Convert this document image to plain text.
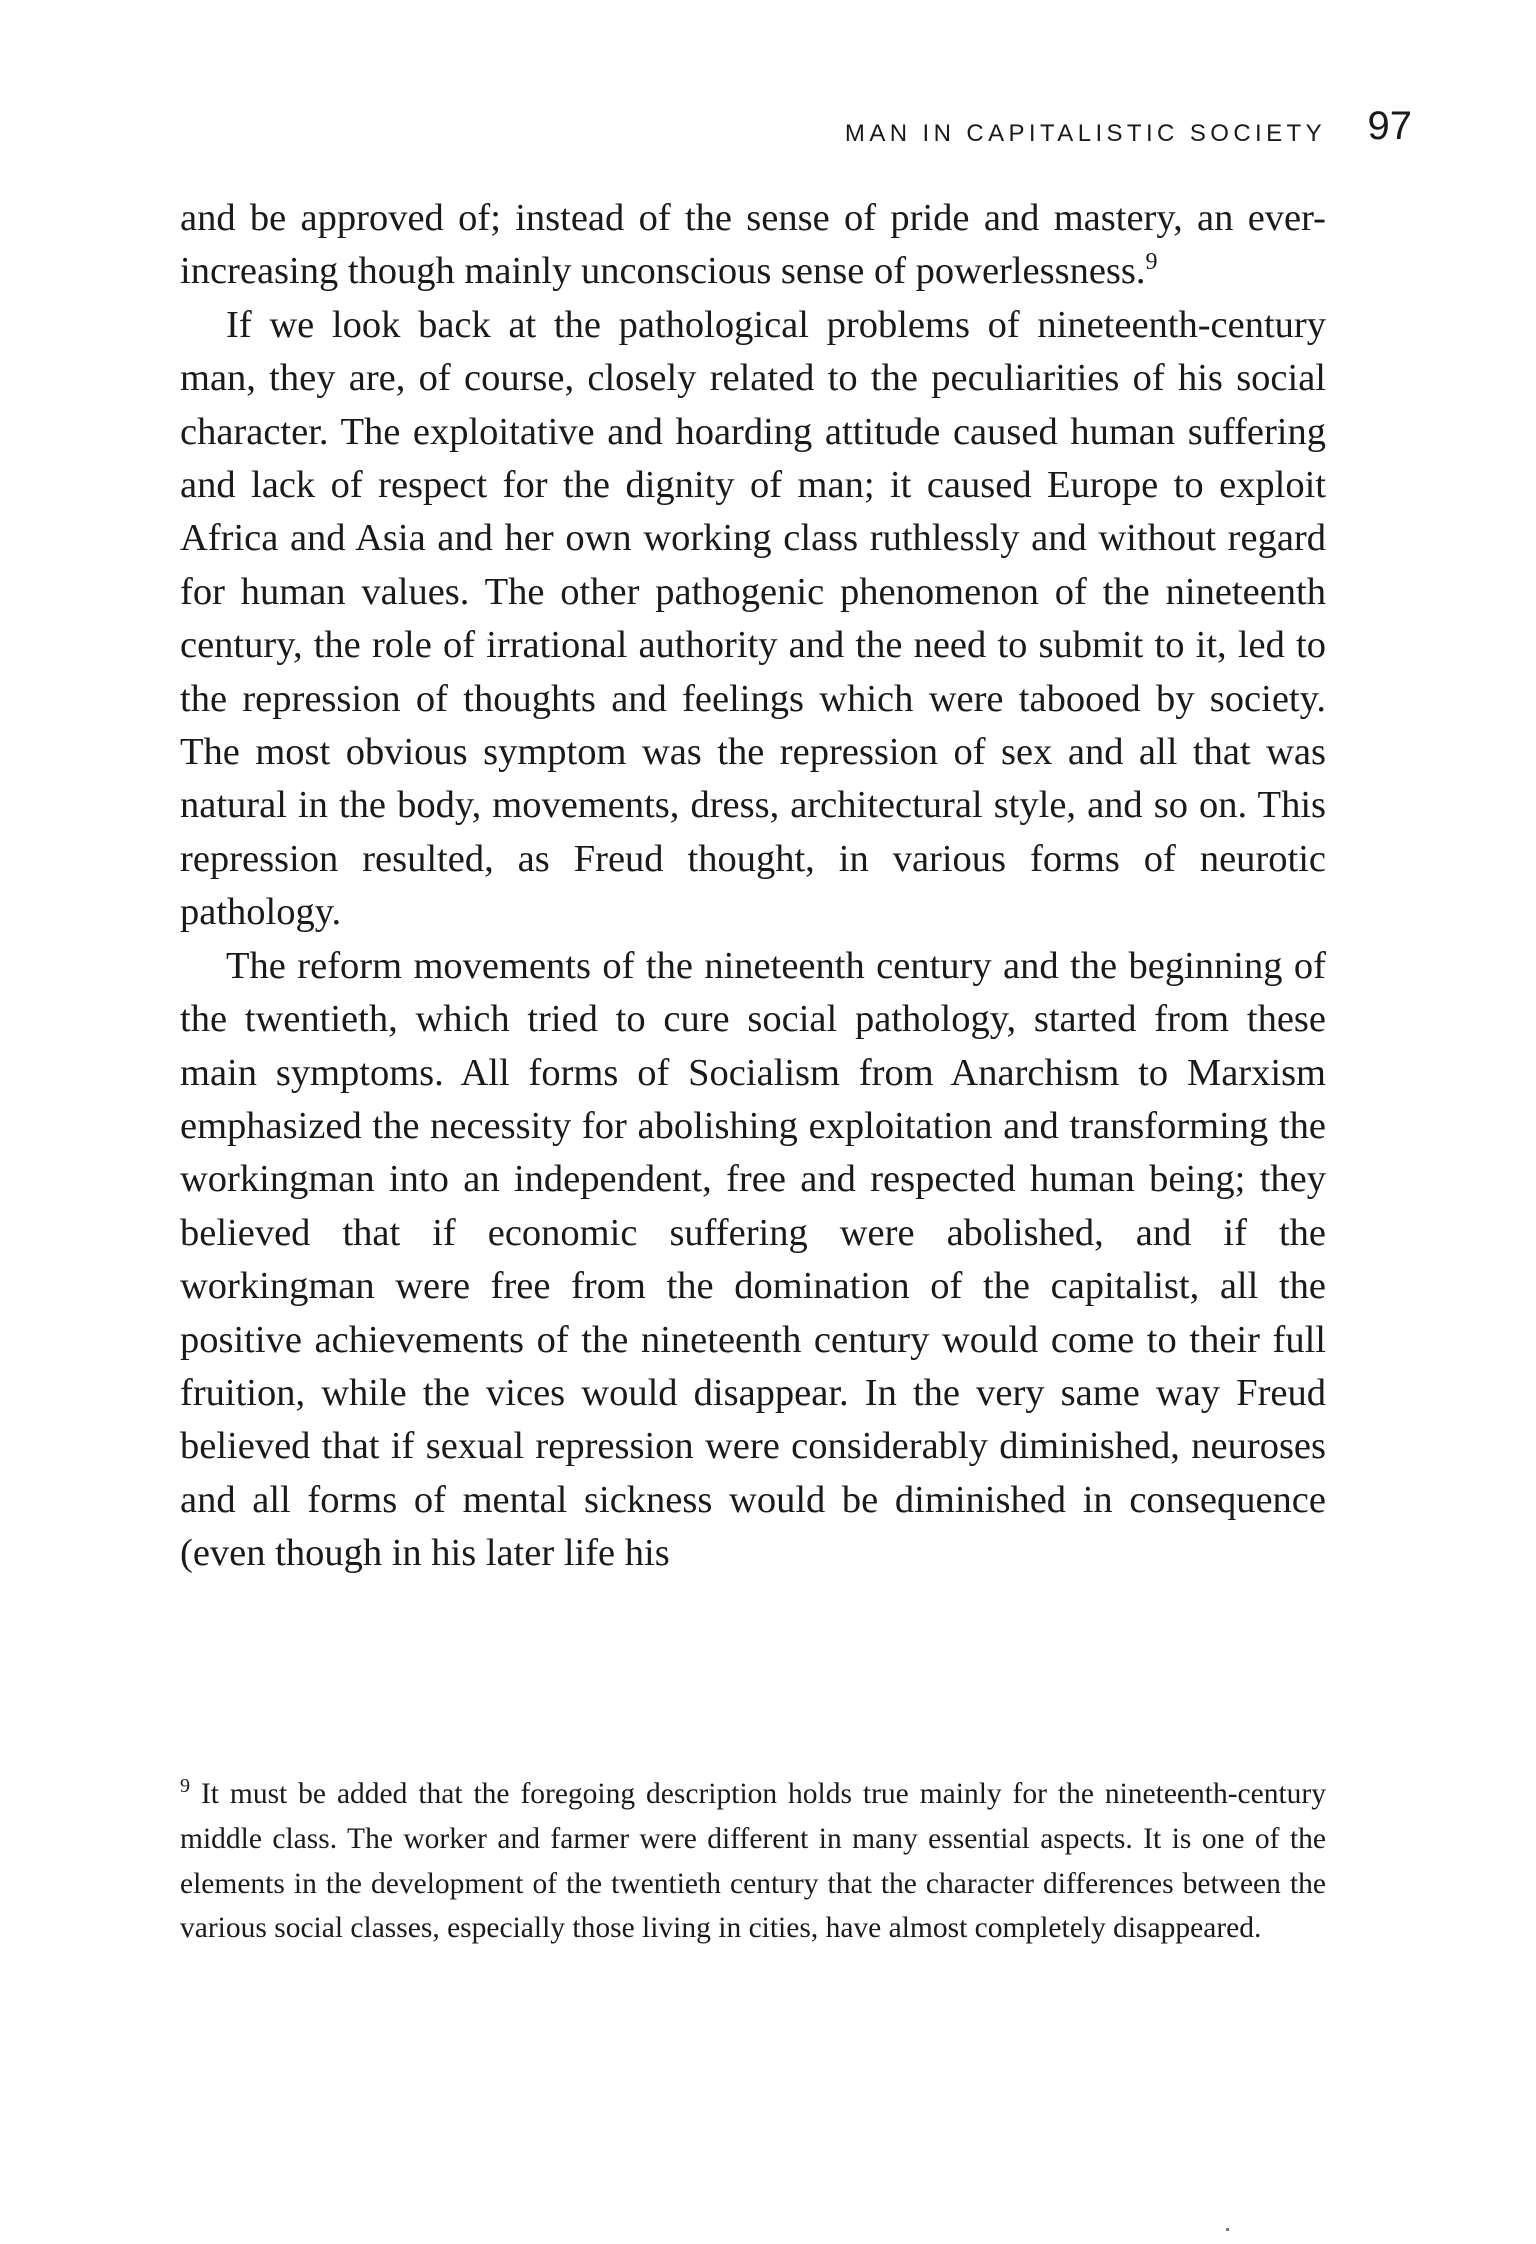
MAN IN CAPITALISTIC SOCIETY 97

and be approved of; instead of the sense of pride and mastery, an ever-increasing though mainly unconscious sense of powerlessness.$^9$

If we look back at the pathological problems of nineteenth-century man, they are, of course, closely related to the peculiarities of his social character. The exploitative and hoarding attitude caused human suffering and lack of respect for the dignity of man; it caused Europe to exploit Africa and Asia and her own working class ruthlessly and without regard for human values. The other pathogenic phenomenon of the nineteenth century, the role of irrational authority and the need to submit to it, led to the repression of thoughts and feelings which were tabooed by society. The most obvious symptom was the repression of sex and all that was natural in the body, movements, dress, architectural style, and so on. This repression resulted, as Freud thought, in various forms of neurotic pathology.

The reform movements of the nineteenth century and the beginning of the twentieth, which tried to cure social pathology, started from these main symptoms. All forms of Socialism from Anarchism to Marxism emphasized the necessity for abolishing exploitation and transforming the workingman into an independent, free and respected human being; they believed that if economic suffering were abolished, and if the workingman were free from the domination of the capitalist, all the positive achievements of the nineteenth century would come to their full fruition, while the vices would disappear. In the very same way Freud believed that if sexual repression were considerably diminished, neuroses and all forms of mental sickness would be diminished in consequence (even though in his later life his

$^9$ It must be added that the foregoing description holds true mainly for the nineteenth-century middle class. The worker and farmer were different in many essential aspects. It is one of the elements in the development of the twentieth century that the character differences between the various social classes, especially those living in cities, have almost completely disappeared.
